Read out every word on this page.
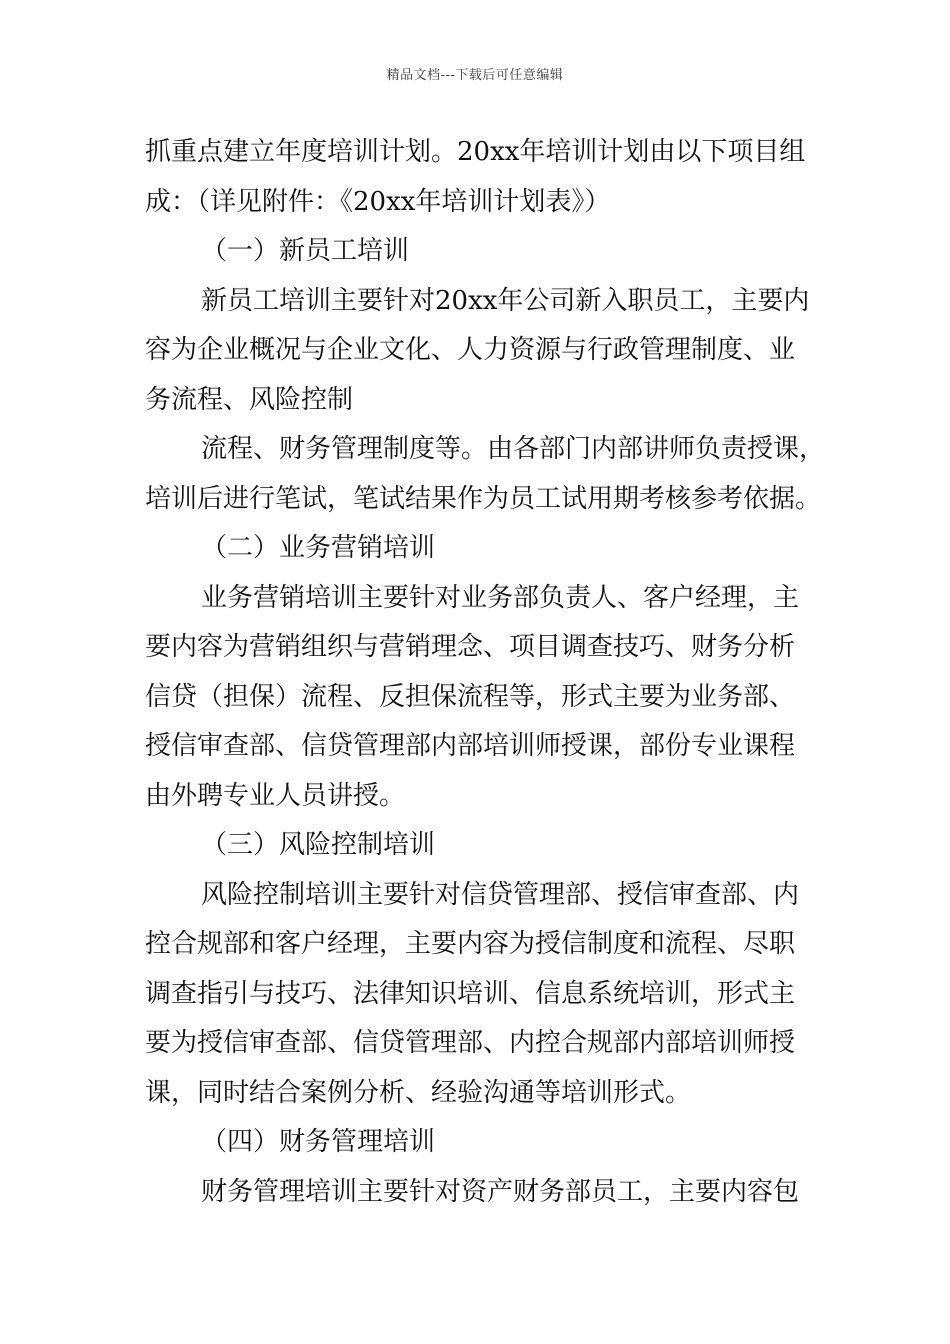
精品文档---下载后可任意编辑
抓重点建立年度培训计划。20xx年培训计划由以下项目组
成：（详见附件：《20xx年培训计划表》）
（一）新员工培训
新员工培训主要针对20xx年公司新入职员工，主要内
容为企业概况与企业文化、人力资源与行政管理制度、业
务流程、风险控制
流程、财务管理制度等。由各部门内部讲师负责授课，
培训后进行笔试，笔试结果作为员工试用期考核参考依据。
（二）业务营销培训
业务营销培训主要针对业务部负责人、客户经理，主
要内容为营销组织与营销理念、项目调查技巧、财务分析
信贷（担保）流程、反担保流程等，形式主要为业务部、
授信审查部、信贷管理部内部培训师授课，部份专业课程
由外聘专业人员讲授。
（三）风险控制培训
风险控制培训主要针对信贷管理部、授信审查部、内
控合规部和客户经理，主要内容为授信制度和流程、尽职
调查指引与技巧、法律知识培训、信息系统培训，形式主
要为授信审查部、信贷管理部、内控合规部内部培训师授
课，同时结合案例分析、经验沟通等培训形式。
（四）财务管理培训
财务管理培训主要针对资产财务部员工，主要内容包
